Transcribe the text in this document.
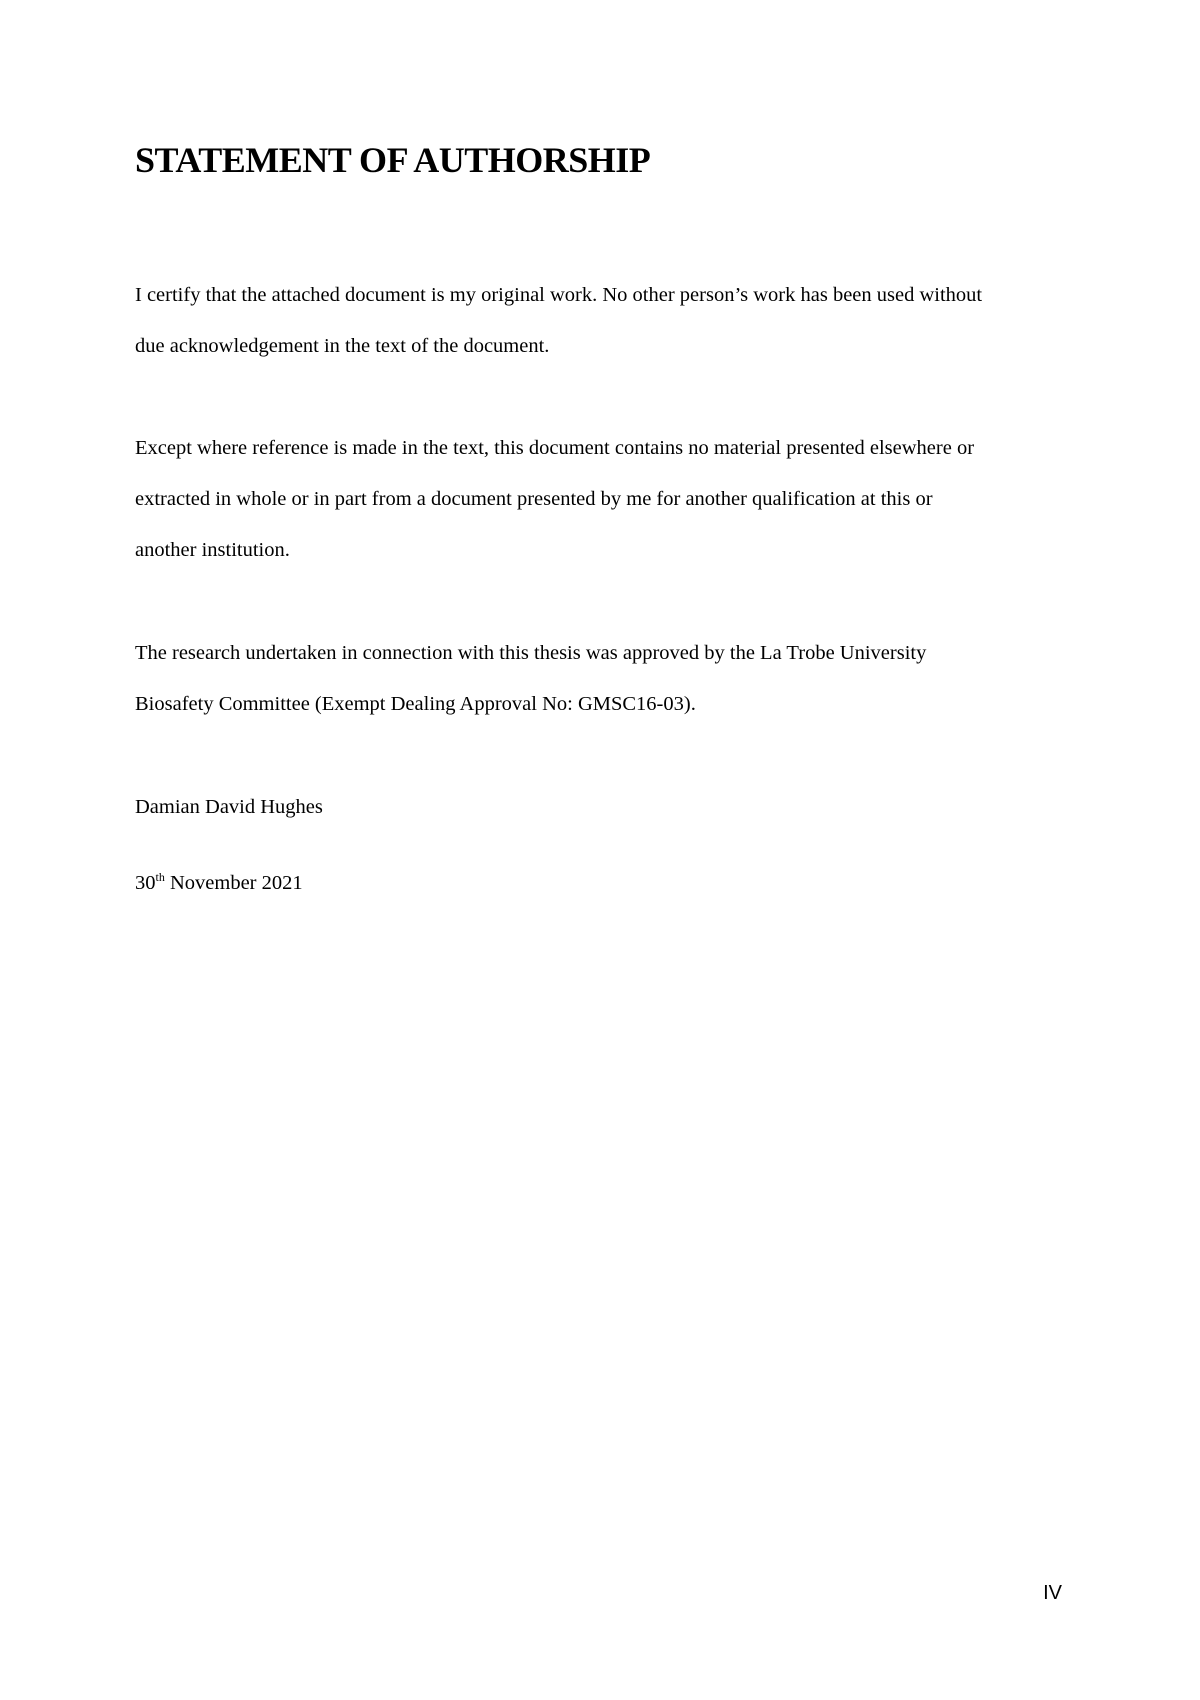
STATEMENT OF AUTHORSHIP

I certify that the attached document is my original work. No other person’s work has been used without
due acknowledgement in the text of the document.

Except where reference is made in the text, this document contains no material presented elsewhere or
extracted in whole or in part from a document presented by me for another qualification at this or
another institution.

The research undertaken in connection with this thesis was approved by the La Trobe University
Biosafety Committee (Exempt Dealing Approval No: GMSC16-03).

Damian David Hughes

30th November 2021

IV
